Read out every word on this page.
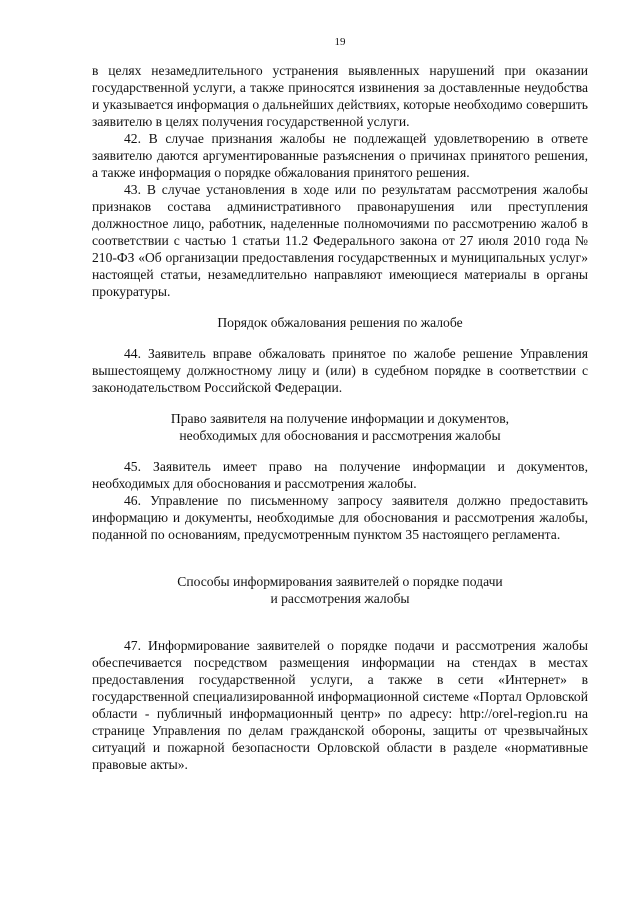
19

в целях незамедлительного устранения выявленных нарушений при оказании государственной услуги, а также приносятся извинения за доставленные неудобства и указывается информация о дальнейших действиях, которые необходимо совершить заявителю в целях получения государственной услуги.

42. В случае признания жалобы не подлежащей удовлетворению в ответе заявителю даются аргументированные разъяснения о причинах принятого решения, а также информация о порядке обжалования принятого решения.

43. В случае установления в ходе или по результатам рассмотрения жалобы признаков состава административного правонарушения или преступления должностное лицо, работник, наделенные полномочиями по рассмотрению жалоб в соответствии с частью 1 статьи 11.2 Федерального закона от 27 июля 2010 года № 210-ФЗ «Об организации предоставления государственных и муниципальных услуг» настоящей статьи, незамедлительно направляют имеющиеся материалы в органы прокуратуры.

Порядок обжалования решения по жалобе

44. Заявитель вправе обжаловать принятое по жалобе решение Управления вышестоящему должностному лицу и (или) в судебном порядке в соответствии с законодательством Российской Федерации.

Право заявителя на получение информации и документов,
необходимых для обоснования и рассмотрения жалобы

45. Заявитель имеет право на получение информации и документов, необходимых для обоснования и рассмотрения жалобы.

46. Управление по письменному запросу заявителя должно предоставить информацию и документы, необходимые для обоснования и рассмотрения жалобы, поданной по основаниям, предусмотренным пунктом 35 настоящего регламента.

Способы информирования заявителей о порядке подачи
и рассмотрения жалобы

47. Информирование заявителей о порядке подачи и рассмотрения жалобы обеспечивается посредством размещения информации на стендах в местах предоставления государственной услуги, а также в сети «Интернет» в государственной специализированной информационной системе «Портал Орловской области - публичный информационный центр» по адресу: http://orel-region.ru на странице Управления по делам гражданской обороны, защиты от чрезвычайных ситуаций и пожарной безопасности Орловской области в разделе «нормативные правовые акты».
